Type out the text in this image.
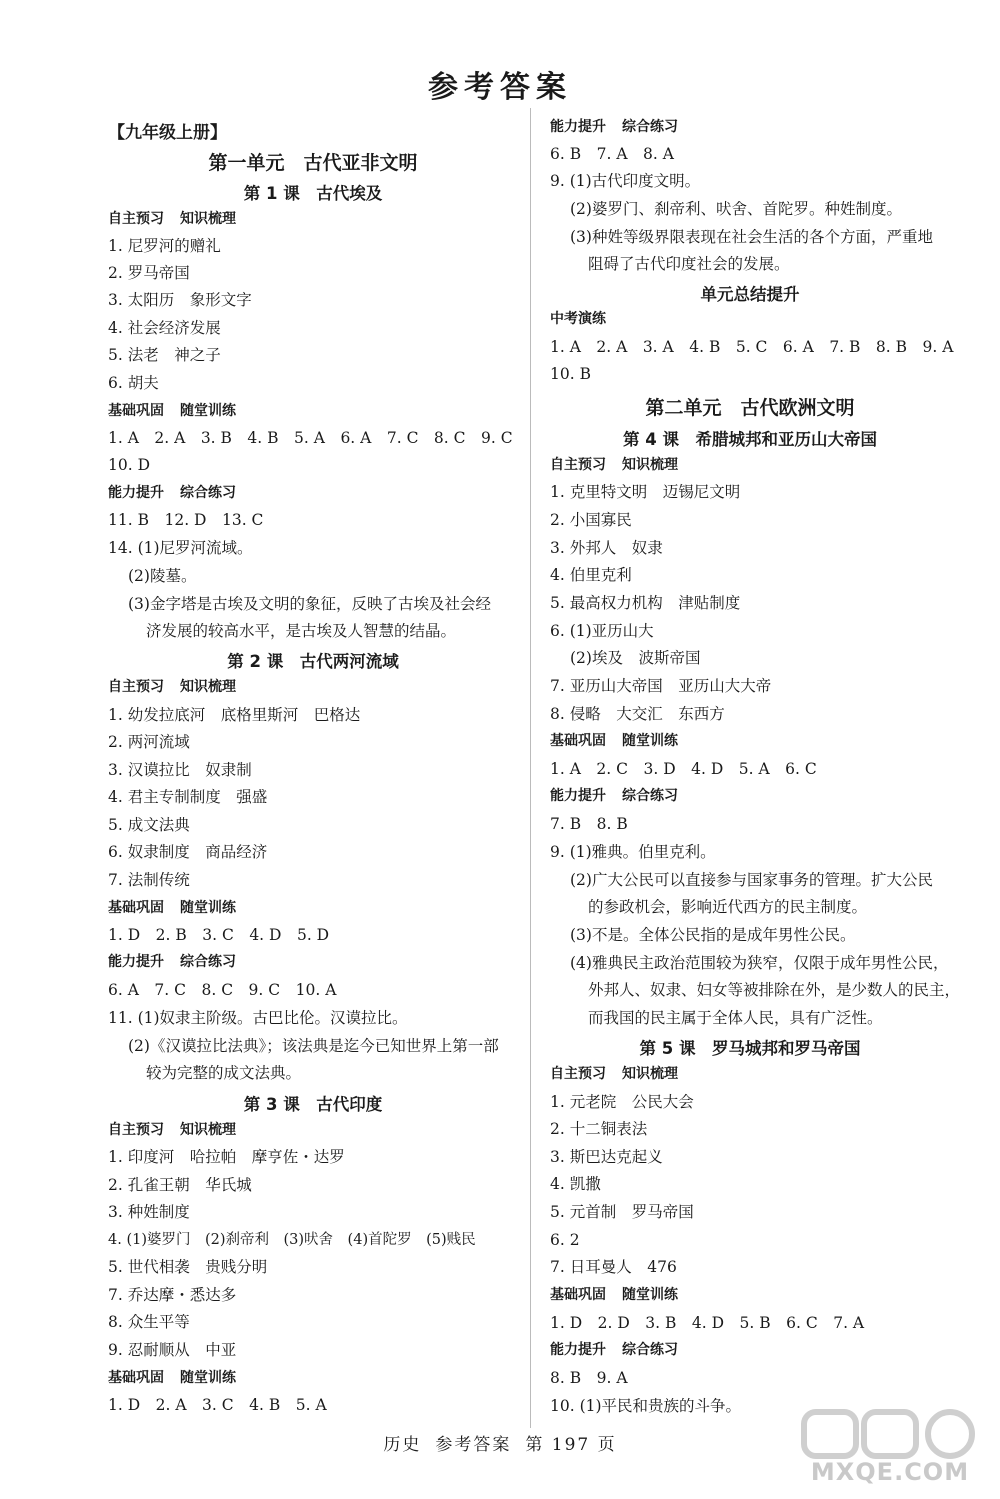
参考答案
【九年级上册】
第一单元　古代亚非文明
第 1 课　古代埃及
自主预习 知识梳理
1. 尼罗河的赠礼
2. 罗马帝国
3. 太阳历　象形文字
4. 社会经济发展
5. 法老　神之子
6. 胡夫
基础巩固 随堂训练
1. A　2. A　3. B　4. B　5. A　6. A　7. C　8. C　9. C
10. D
能力提升 综合练习
11. B　12. D　13. C
14. (1)尼罗河流域。
(2)陵墓。
(3)金字塔是古埃及文明的象征，反映了古埃及社会经
济发展的较高水平，是古埃及人智慧的结晶。
第 2 课　古代两河流域
自主预习 知识梳理
1. 幼发拉底河　底格里斯河　巴格达
2. 两河流域
3. 汉谟拉比　奴隶制
4. 君主专制制度　强盛
5. 成文法典
6. 奴隶制度　商品经济
7. 法制传统
基础巩固 随堂训练
1. D　2. B　3. C　4. D　5. D
能力提升 综合练习
6. A　7. C　8. C　9. C　10. A
11. (1)奴隶主阶级。古巴比伦。汉谟拉比。
(2)《汉谟拉比法典》；该法典是迄今已知世界上第一部
较为完整的成文法典。
第 3 课　古代印度
自主预习 知识梳理
1. 印度河　哈拉帕　摩亨佐・达罗
2. 孔雀王朝　华氏城
3. 种姓制度
4. (1)婆罗门　(2)刹帝利　(3)吠舍　(4)首陀罗　(5)贱民
5. 世代相袭　贵贱分明
7. 乔达摩・悉达多
8. 众生平等
9. 忍耐顺从　中亚
基础巩固 随堂训练
1. D　2. A　3. C　4. B　5. A
能力提升 综合练习
6. B　7. A　8. A
9. (1)古代印度文明。
(2)婆罗门、刹帝利、吠舍、首陀罗。种姓制度。
(3)种姓等级界限表现在社会生活的各个方面，严重地
阻碍了古代印度社会的发展。
单元总结提升
中考演练
1. A　2. A　3. A　4. B　5. C　6. A　7. B　8. B　9. A
10. B
第二单元　古代欧洲文明
第 4 课　希腊城邦和亚历山大帝国
自主预习 知识梳理
1. 克里特文明　迈锡尼文明
2. 小国寡民
3. 外邦人　奴隶
4. 伯里克利
5. 最高权力机构　津贴制度
6. (1)亚历山大
(2)埃及　波斯帝国
7. 亚历山大帝国　亚历山大大帝
8. 侵略　大交汇　东西方
基础巩固 随堂训练
1. A　2. C　3. D　4. D　5. A　6. C
能力提升 综合练习
7. B　8. B
9. (1)雅典。伯里克利。
(2)广大公民可以直接参与国家事务的管理。扩大公民
的参政机会，影响近代西方的民主制度。
(3)不是。全体公民指的是成年男性公民。
(4)雅典民主政治范围较为狭窄，仅限于成年男性公民，
外邦人、奴隶、妇女等被排除在外，是少数人的民主，
而我国的民主属于全体人民，具有广泛性。
第 5 课　罗马城邦和罗马帝国
自主预习 知识梳理
1. 元老院　公民大会
2. 十二铜表法
3. 斯巴达克起义
4. 凯撒
5. 元首制　罗马帝国
6. 2
7. 日耳曼人　476
基础巩固 随堂训练
1. D　2. D　3. B　4. D　5. B　6. C　7. A
能力提升 综合练习
8. B　9. A
10. (1)平民和贵族的斗争。
历史 参考答案 第 197 页
MXQE.COM
